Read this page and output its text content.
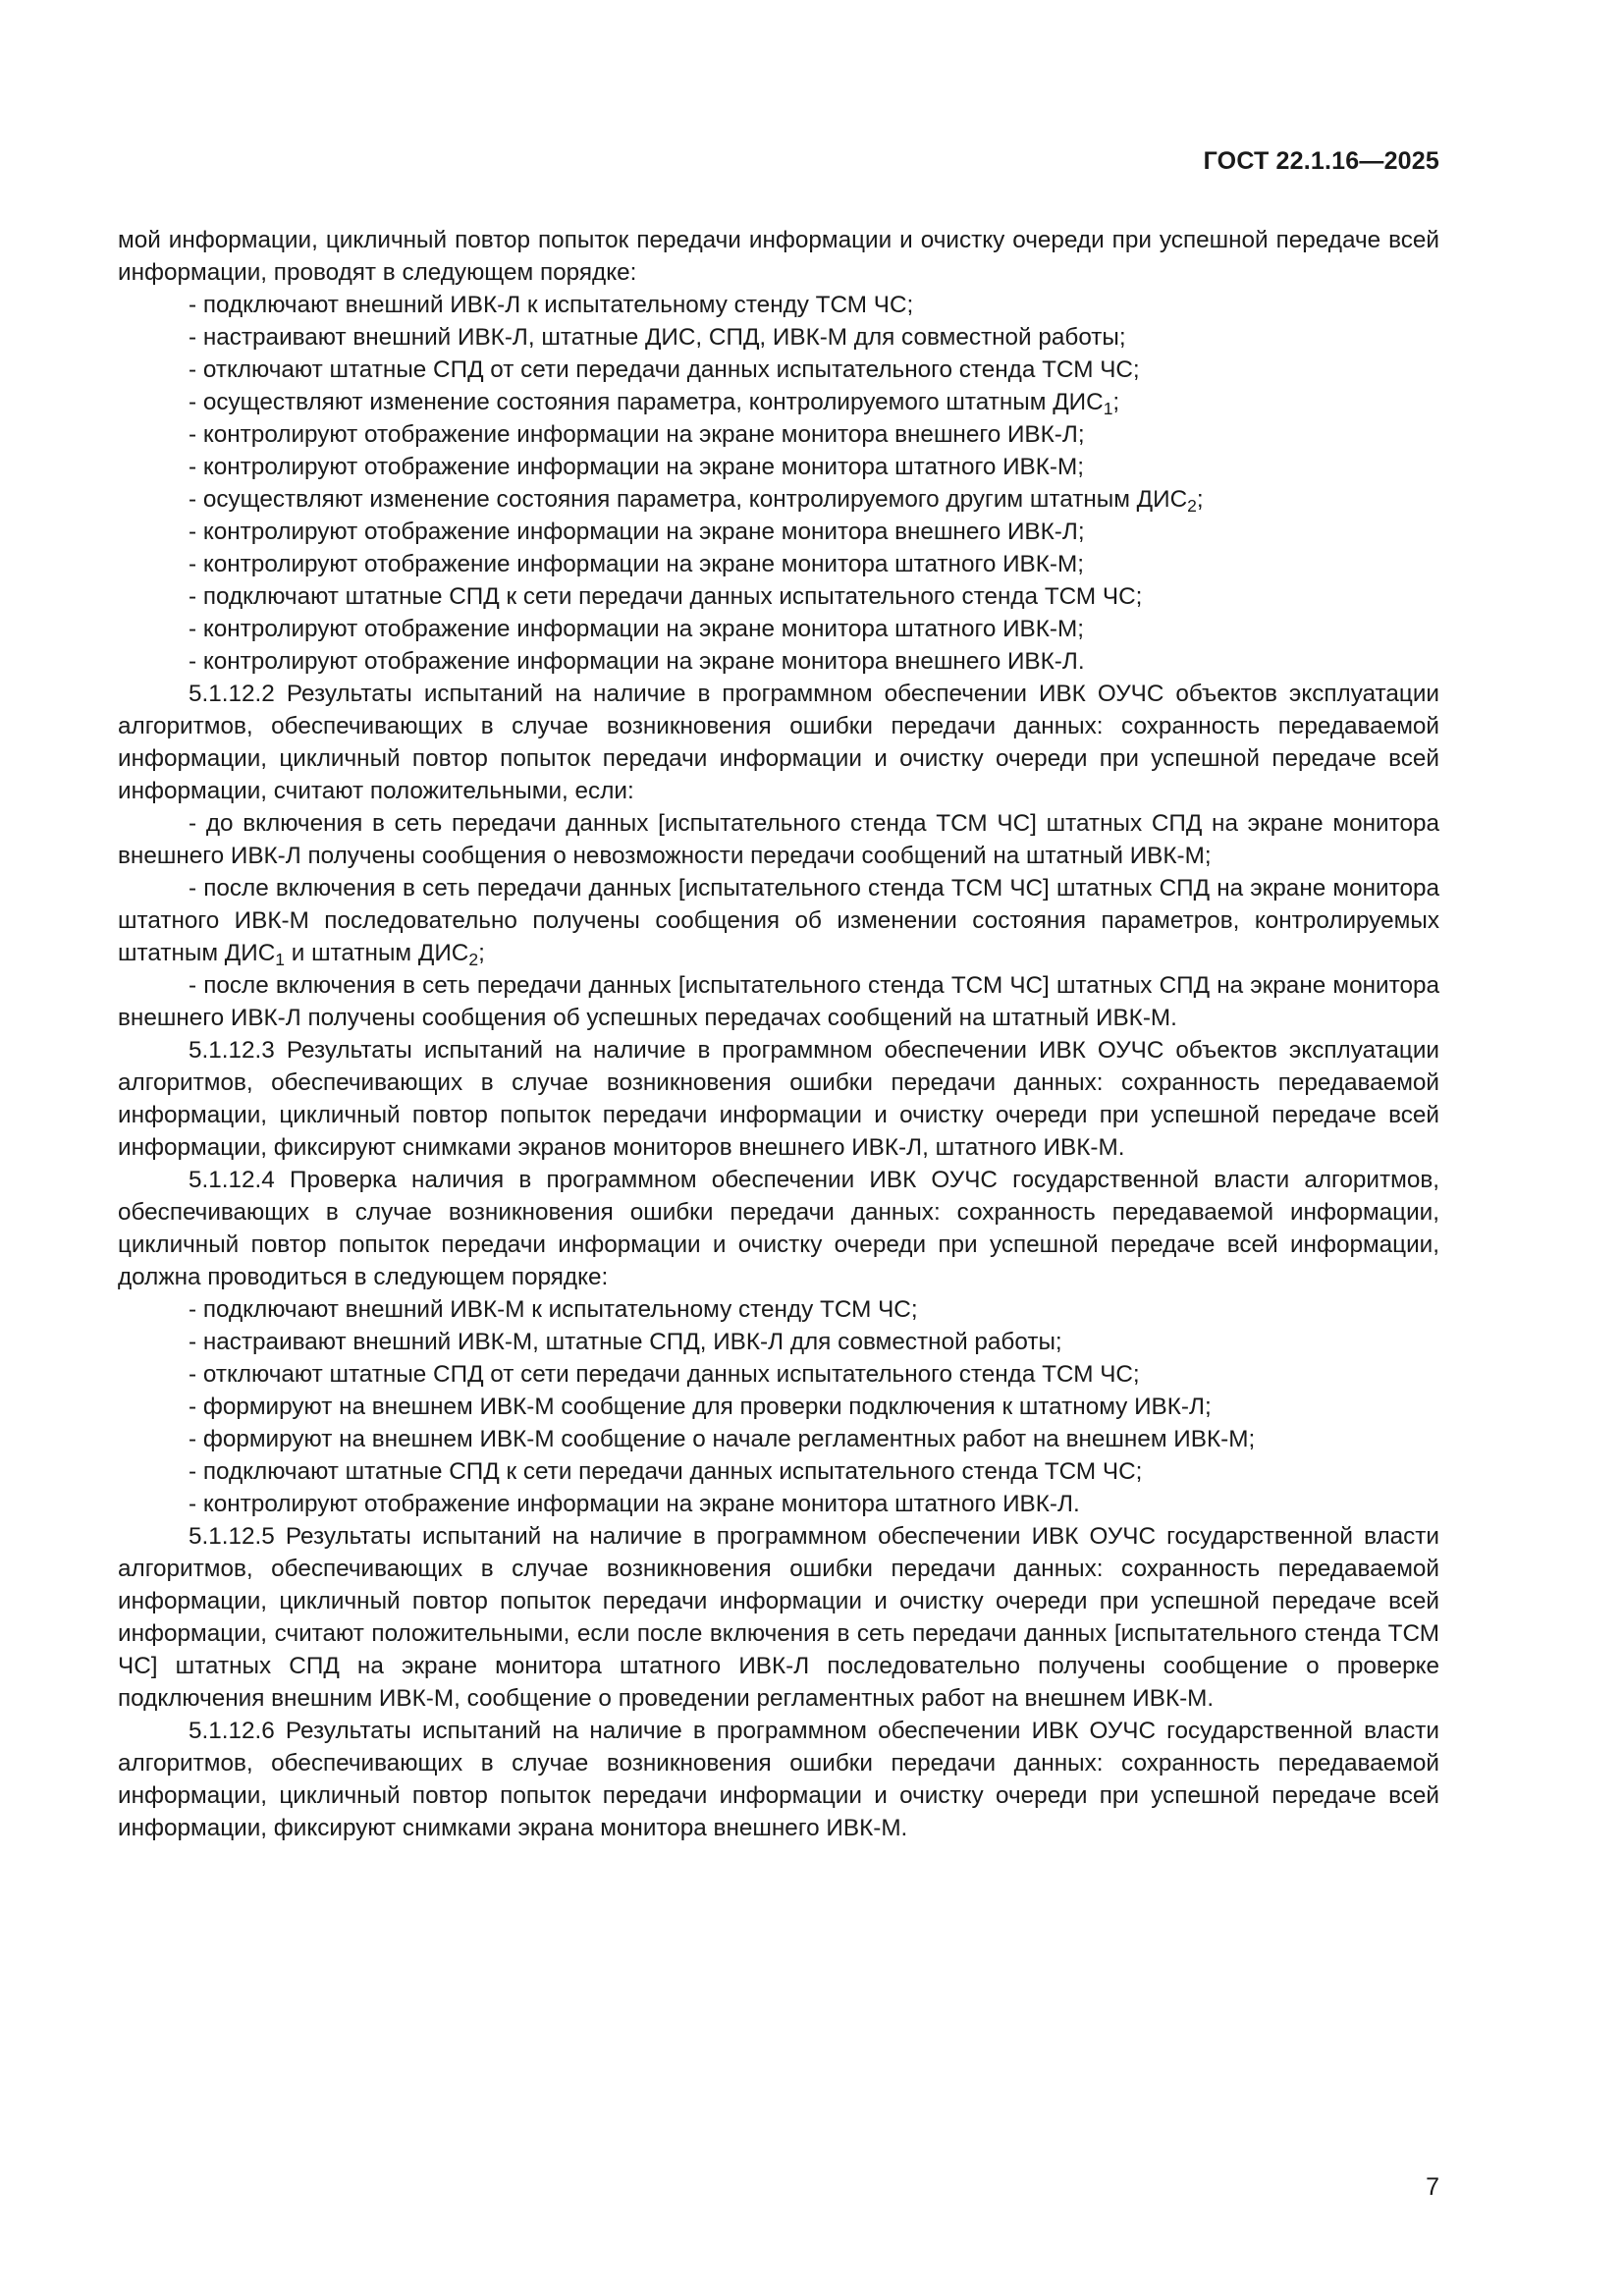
ГОСТ 22.1.16—2025
мой информации, цикличный повтор попыток передачи информации и очистку очереди при успешной передаче всей информации, проводят в следующем порядке:
- подключают внешний ИВК-Л к испытательному стенду ТСМ ЧС;
- настраивают внешний ИВК-Л, штатные ДИС, СПД, ИВК-М для совместной работы;
- отключают штатные СПД от сети передачи данных испытательного стенда ТСМ ЧС;
- осуществляют изменение состояния параметра, контролируемого штатным $ДИС_1$;
- контролируют отображение информации на экране монитора внешнего ИВК-Л;
- контролируют отображение информации на экране монитора штатного ИВК-М;
- осуществляют изменение состояния параметра, контролируемого другим штатным $ДИС_2$;
- контролируют отображение информации на экране монитора внешнего ИВК-Л;
- контролируют отображение информации на экране монитора штатного ИВК-М;
- подключают штатные СПД к сети передачи данных испытательного стенда ТСМ ЧС;
- контролируют отображение информации на экране монитора штатного ИВК-М;
- контролируют отображение информации на экране монитора внешнего ИВК-Л.
5.1.12.2 Результаты испытаний на наличие в программном обеспечении ИВК ОУЧС объектов эксплуатации алгоритмов, обеспечивающих в случае возникновения ошибки передачи данных: сохранность передаваемой информации, цикличный повтор попыток передачи информации и очистку очереди при успешной передаче всей информации, считают положительными, если:
- до включения в сеть передачи данных [испытательного стенда ТСМ ЧС] штатных СПД на экране монитора внешнего ИВК-Л получены сообщения о невозможности передачи сообщений на штатный ИВК-М;
- после включения в сеть передачи данных [испытательного стенда ТСМ ЧС] штатных СПД на экране монитора штатного ИВК-М последовательно получены сообщения об изменении состояния параметров, контролируемых штатным $ДИС_1$ и штатным $ДИС_2$;
- после включения в сеть передачи данных [испытательного стенда ТСМ ЧС] штатных СПД на экране монитора внешнего ИВК-Л получены сообщения об успешных передачах сообщений на штатный ИВК-М.
5.1.12.3 Результаты испытаний на наличие в программном обеспечении ИВК ОУЧС объектов эксплуатации алгоритмов, обеспечивающих в случае возникновения ошибки передачи данных: сохранность передаваемой информации, цикличный повтор попыток передачи информации и очистку очереди при успешной передаче всей информации, фиксируют снимками экранов мониторов внешнего ИВК-Л, штатного ИВК-М.
5.1.12.4 Проверка наличия в программном обеспечении ИВК ОУЧС государственной власти алгоритмов, обеспечивающих в случае возникновения ошибки передачи данных: сохранность передаваемой информации, цикличный повтор попыток передачи информации и очистку очереди при успешной передаче всей информации, должна проводиться в следующем порядке:
- подключают внешний ИВК-М к испытательному стенду ТСМ ЧС;
- настраивают внешний ИВК-М, штатные СПД, ИВК-Л для совместной работы;
- отключают штатные СПД от сети передачи данных испытательного стенда ТСМ ЧС;
- формируют на внешнем ИВК-М сообщение для проверки подключения к штатному ИВК-Л;
- формируют на внешнем ИВК-М сообщение о начале регламентных работ на внешнем ИВК-М;
- подключают штатные СПД к сети передачи данных испытательного стенда ТСМ ЧС;
- контролируют отображение информации на экране монитора штатного ИВК-Л.
5.1.12.5 Результаты испытаний на наличие в программном обеспечении ИВК ОУЧС государственной власти алгоритмов, обеспечивающих в случае возникновения ошибки передачи данных: сохранность передаваемой информации, цикличный повтор попыток передачи информации и очистку очереди при успешной передаче всей информации, считают положительными, если после включения в сеть передачи данных [испытательного стенда ТСМ ЧС] штатных СПД на экране монитора штатного ИВК-Л последовательно получены сообщение о проверке подключения внешним ИВК-М, сообщение о проведении регламентных работ на внешнем ИВК-М.
5.1.12.6 Результаты испытаний на наличие в программном обеспечении ИВК ОУЧС государственной власти алгоритмов, обеспечивающих в случае возникновения ошибки передачи данных: сохранность передаваемой информации, цикличный повтор попыток передачи информации и очистку очереди при успешной передаче всей информации, фиксируют снимками экрана монитора внешнего ИВК-М.
7
